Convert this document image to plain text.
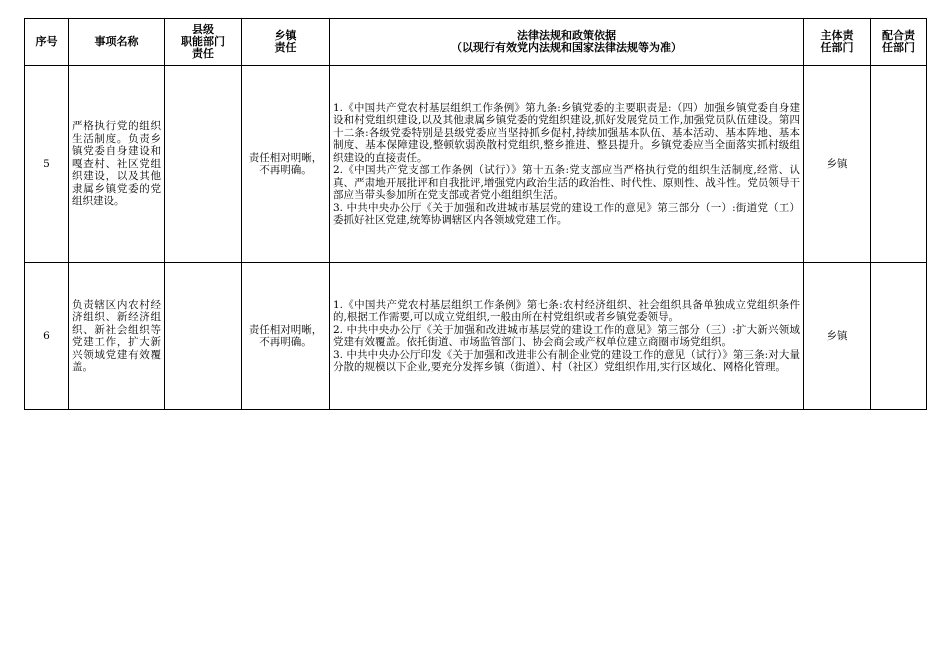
序号	事项名称	县级
职能部门
责任	乡镇
责任	法律法规和政策依据
（以现行有效党内法规和国家法律法规等为准）	主体责
任部门	配合责
任部门
5	严格执行党的组织生活制度。负责乡镇党委自身建设和嘎查村、社区党组织建设，以及其他隶属乡镇党委的党组织建设。		责任相对明晰，不再明确。	1.《中国共产党农村基层组织工作条例》第九条:乡镇党委的主要职责是:（四）加强乡镇党委自身建设和村党组织建设,以及其他隶属乡镇党委的党组织建设,抓好发展党员工作,加强党员队伍建设。第四十二条:各级党委特别是县级党委应当坚持抓乡促村,持续加强基本队伍、基本活动、基本阵地、基本制度、基本保障建设,整顿软弱涣散村党组织,整乡推进、整县提升。乡镇党委应当全面落实抓村级组织建设的直接责任。
2.《中国共产党支部工作条例（试行）》第十五条:党支部应当严格执行党的组织生活制度,经常、认真、严肃地开展批评和自我批评,增强党内政治生活的政治性、时代性、原则性、战斗性。党员领导干部应当带头参加所在党支部或者党小组组织生活。
3. 中共中央办公厅《关于加强和改进城市基层党的建设工作的意见》第三部分（一）:街道党（工）委抓好社区党建,统筹协调辖区内各领域党建工作。	乡镇	
6	负责辖区内农村经济组织、新经济组织、新社会组织等党建工作，扩大新兴领域党建有效覆盖。		责任相对明晰，不再明确。	1.《中国共产党农村基层组织工作条例》第七条:农村经济组织、社会组织具备单独成立党组织条件的,根据工作需要,可以成立党组织,一般由所在村党组织或者乡镇党委领导。
2. 中共中央办公厅《关于加强和改进城市基层党的建设工作的意见》第三部分（三）:扩大新兴领域党建有效覆盖。依托街道、市场监管部门、协会商会或产权单位建立商圈市场党组织。
3. 中共中央办公厅印发《关于加强和改进非公有制企业党的建设工作的意见（试行）》第三条:对大量分散的规模以下企业,要充分发挥乡镇（街道）、村（社区）党组织作用,实行区域化、网格化管理。	乡镇	
